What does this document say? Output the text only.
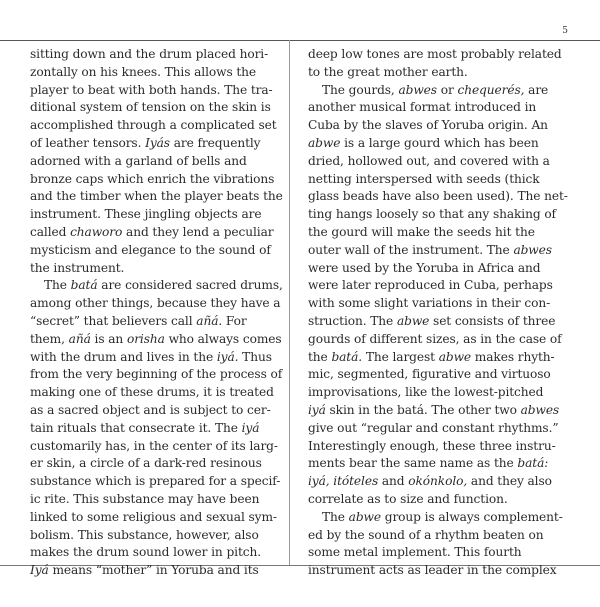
5
sitting down and the drum placed hori-
zontally on his knees. This allows the
player to beat with both hands. The tra-
ditional system of tension on the skin is
accomplished through a complicated set
of leather tensors. Iyás are frequently
adorned with a garland of bells and
bronze caps which enrich the vibrations
and the timber when the player beats the
instrument. These jingling objects are
called chaworo and they lend a peculiar
mysticism and elegance to the sound of
the instrument.
The batá are considered sacred drums,
among other things, because they have a
“secret” that believers call añá. For
them, añá is an orisha who always comes
with the drum and lives in the iyá. Thus
from the very beginning of the process of
making one of these drums, it is treated
as a sacred object and is subject to cer-
tain rituals that consecrate it. The iyá
customarily has, in the center of its larg-
er skin, a circle of a dark-red resinous
substance which is prepared for a specif-
ic rite. This substance may have been
linked to some religious and sexual sym-
bolism. This substance, however, also
makes the drum sound lower in pitch.
Iyá means “mother” in Yoruba and its
deep low tones are most probably related
to the great mother earth.
The gourds, abwes or chequerés, are
another musical format introduced in
Cuba by the slaves of Yoruba origin. An
abwe is a large gourd which has been
dried, hollowed out, and covered with a
netting interspersed with seeds (thick
glass beads have also been used). The net-
ting hangs loosely so that any shaking of
the gourd will make the seeds hit the
outer wall of the instrument. The abwes
were used by the Yoruba in Africa and
were later reproduced in Cuba, perhaps
with some slight variations in their con-
struction. The abwe set consists of three
gourds of different sizes, as in the case of
the batá. The largest abwe makes rhyth-
mic, segmented, figurative and virtuoso
improvisations, like the lowest-pitched
iyá skin in the batá. The other two abwes
give out “regular and constant rhythms.”
Interestingly enough, these three instru-
ments bear the same name as the batá:
iyá, itóteles and okónkolo, and they also
correlate as to size and function.
The abwe group is always complement-
ed by the sound of a rhythm beaten on
some metal implement. This fourth
instrument acts as leader in the complex
